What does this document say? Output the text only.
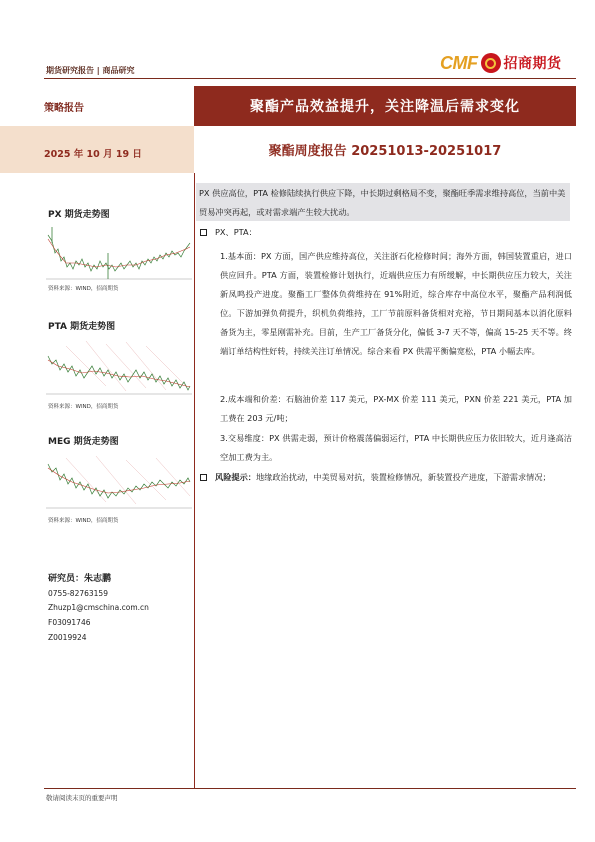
期货研究报告 | 商品研究	CMF 招商期货
策略报告	聚酯产品效益提升，关注降温后需求变化
2025 年 10 月 19 日	聚酯周度报告 20251013-20251017
PX 期货走势图
资料来源：WIND，招商期货
PTA 期货走势图
资料来源：WIND，招商期货
MEG 期货走势图
资料来源：WIND，招商期货
研究员：朱志鹏
0755-82763159
Zhuzp1@cmschina.com.cn
F03091746
Z0019924
PX 供应高位，PTA 检修陆续执行供应下降，中长期过剩格局不变，聚酯旺季需求维持高位，当前中美贸易冲突再起，或对需求端产生较大扰动。
PX、PTA：
1.基本面：PX 方面，国产供应维持高位，关注浙石化检修时间；海外方面，韩国装置重启，进口供应回升。PTA 方面，装置检修计划执行，近端供应压力有所缓解，中长期供应压力较大，关注新凤鸣投产进度。聚酯工厂整体负荷维持在 91%附近，综合库存中高位水平，聚酯产品利润低位。下游加弹负荷提升，织机负荷维持，工厂节前原料备货相对充裕，节日期间基本以消化原料备货为主，零星刚需补充。目前，生产工厂备货分化，偏低 3-7 天不等，偏高 15-25 天不等。终端订单结构性好转，持续关注订单情况。综合来看 PX 供需平衡偏宽松，PTA 小幅去库。
2.成本端和价差：石脑油价差 117 美元，PX-MX 价差 111 美元，PXN 价差 221 美元，PTA 加工费在 203 元/吨；
3.交易维度：PX 供需走弱，预计价格震荡偏弱运行，PTA 中长期供应压力依旧较大，近月逢高沽空加工费为主。
风险提示：地缘政治扰动，中美贸易对抗，装置检修情况，新装置投产进度，下游需求情况；
敬请阅读末页的重要声明
